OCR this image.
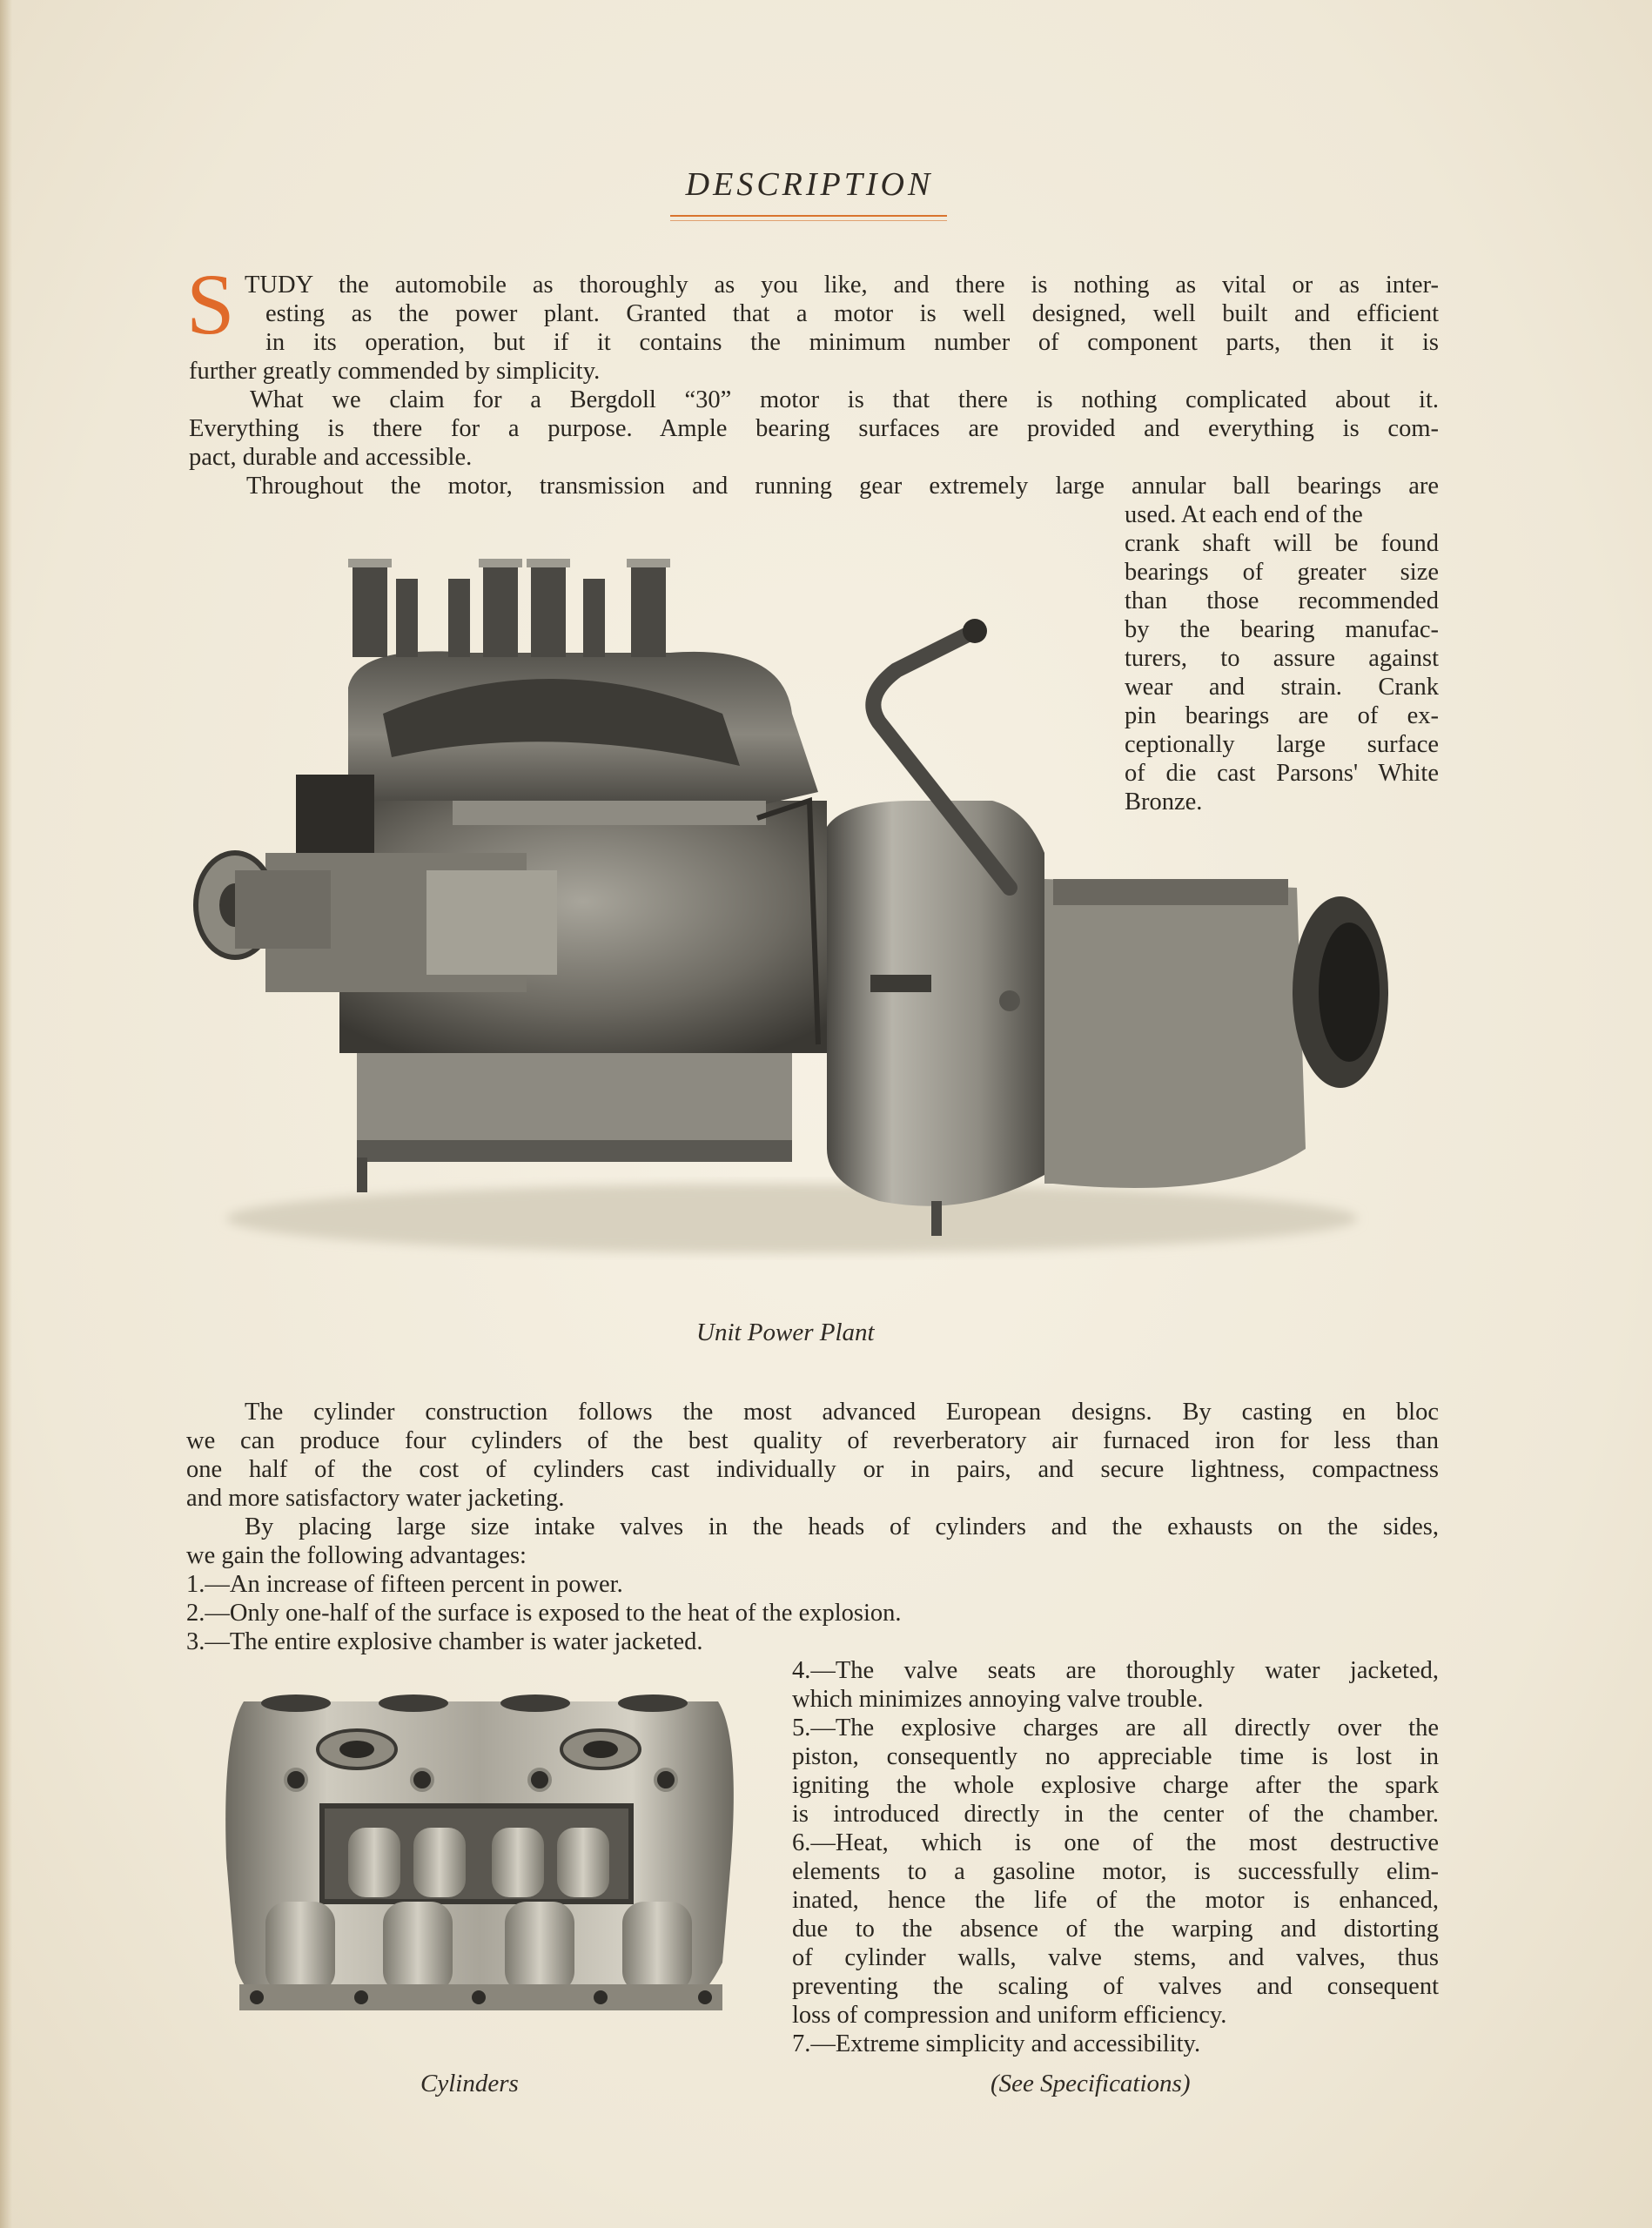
DESCRIPTION
S TUDY the automobile as thoroughly as you like, and there is nothing as vital or as inter-
esting as the power plant. Granted that a motor is well designed, well built and efficient
in its operation, but if it contains the minimum number of component parts, then it is
further greatly commended by simplicity.
What we claim for a Bergdoll “30” motor is that there is nothing complicated about it.
Everything is there for a purpose. Ample bearing surfaces are provided and everything is com-
pact, durable and accessible.
Throughout the motor, transmission and running gear extremely large annular ball bearings are
used. At each end of the
crank shaft will be found
bearings of greater size
than those recommended
by the bearing manufac-
turers, to assure against
wear and strain. Crank
pin bearings are of ex-
ceptionally large surface
of die cast Parsons' White
Bronze.
Unit Power Plant
The cylinder construction follows the most advanced European designs. By casting en bloc
we can produce four cylinders of the best quality of reverberatory air furnaced iron for less than
one half of the cost of cylinders cast individually or in pairs, and secure lightness, compactness
and more satisfactory water jacketing.
By placing large size intake valves in the heads of cylinders and the exhausts on the sides,
we gain the following advantages:
1.—An increase of fifteen percent in power.
2.—Only one-half of the surface is exposed to the heat of the explosion.
3.—The entire explosive chamber is water jacketed.
4.—The valve seats are thoroughly water jacketed,
which minimizes annoying valve trouble.
5.—The explosive charges are all directly over the
piston, consequently no appreciable time is lost in
igniting the whole explosive charge after the spark
is introduced directly in the center of the chamber.
6.—Heat, which is one of the most destructive
elements to a gasoline motor, is successfully elim-
inated, hence the life of the motor is enhanced,
due to the absence of the warping and distorting
of cylinder walls, valve stems, and valves, thus
preventing the scaling of valves and consequent
loss of compression and uniform efficiency.
7.—Extreme simplicity and accessibility.
Cylinders	(See Specifications)
